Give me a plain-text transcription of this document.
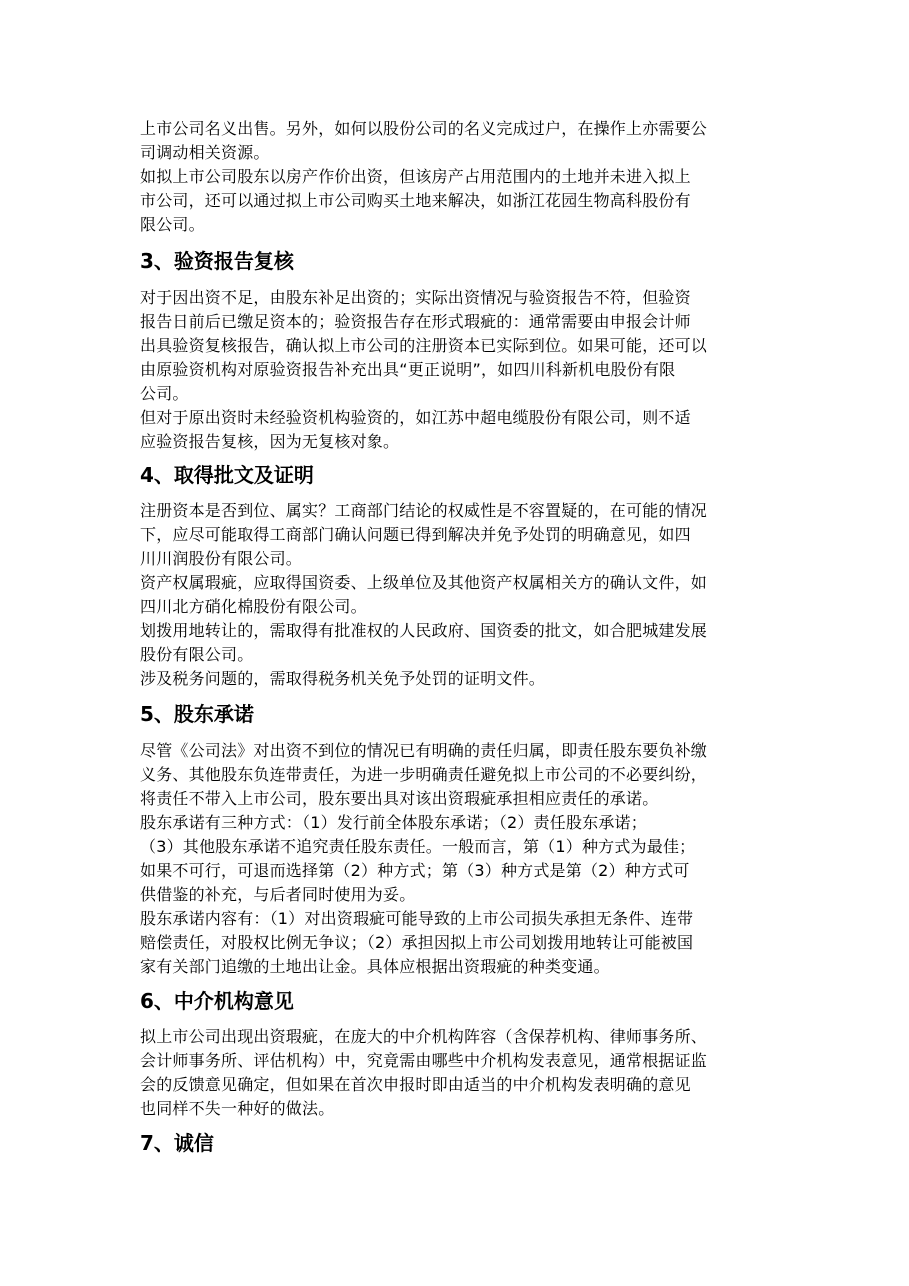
上市公司名义出售。另外，如何以股份公司的名义完成过户，在操作上亦需要公

司调动相关资源。

如拟上市公司股东以房产作价出资，但该房产占用范围内的土地并未进入拟上

市公司，还可以通过拟上市公司购买土地来解决，如浙江花园生物高科股份有

限公司。

3、验资报告复核

对于因出资不足，由股东补足出资的；实际出资情况与验资报告不符，但验资

报告日前后已缴足资本的；验资报告存在形式瑕疵的：通常需要由申报会计师

出具验资复核报告，确认拟上市公司的注册资本已实际到位。如果可能，还可以

由原验资机构对原验资报告补充出具“更正说明”，如四川科新机电股份有限

公司。

但对于原出资时未经验资机构验资的，如江苏中超电缆股份有限公司，则不适

应验资报告复核，因为无复核对象。

4、取得批文及证明

注册资本是否到位、属实？工商部门结论的权威性是不容置疑的，在可能的情况

下，应尽可能取得工商部门确认问题已得到解决并免予处罚的明确意见，如四

川川润股份有限公司。

资产权属瑕疵，应取得国资委、上级单位及其他资产权属相关方的确认文件，如

四川北方硝化棉股份有限公司。

划拨用地转让的，需取得有批准权的人民政府、国资委的批文，如合肥城建发展

股份有限公司。

涉及税务问题的，需取得税务机关免予处罚的证明文件。

5、股东承诺

尽管《公司法》对出资不到位的情况已有明确的责任归属，即责任股东要负补缴

义务、其他股东负连带责任，为进一步明确责任避免拟上市公司的不必要纠纷，

将责任不带入上市公司，股东要出具对该出资瑕疵承担相应责任的承诺。

股东承诺有三种方式：（1）发行前全体股东承诺；（2）责任股东承诺；

（3）其他股东承诺不追究责任股东责任。一般而言，第（1）种方式为最佳；

如果不可行，可退而选择第（2）种方式；第（3）种方式是第（2）种方式可

供借鉴的补充，与后者同时使用为妥。

股东承诺内容有：（1）对出资瑕疵可能导致的上市公司损失承担无条件、连带

赔偿责任，对股权比例无争议；（2）承担因拟上市公司划拨用地转让可能被国

家有关部门追缴的土地出让金。具体应根据出资瑕疵的种类变通。

6、中介机构意见

拟上市公司出现出资瑕疵，在庞大的中介机构阵容（含保荐机构、律师事务所、

会计师事务所、评估机构）中，究竟需由哪些中介机构发表意见，通常根据证监

会的反馈意见确定，但如果在首次申报时即由适当的中介机构发表明确的意见

也同样不失一种好的做法。

7、诚信
